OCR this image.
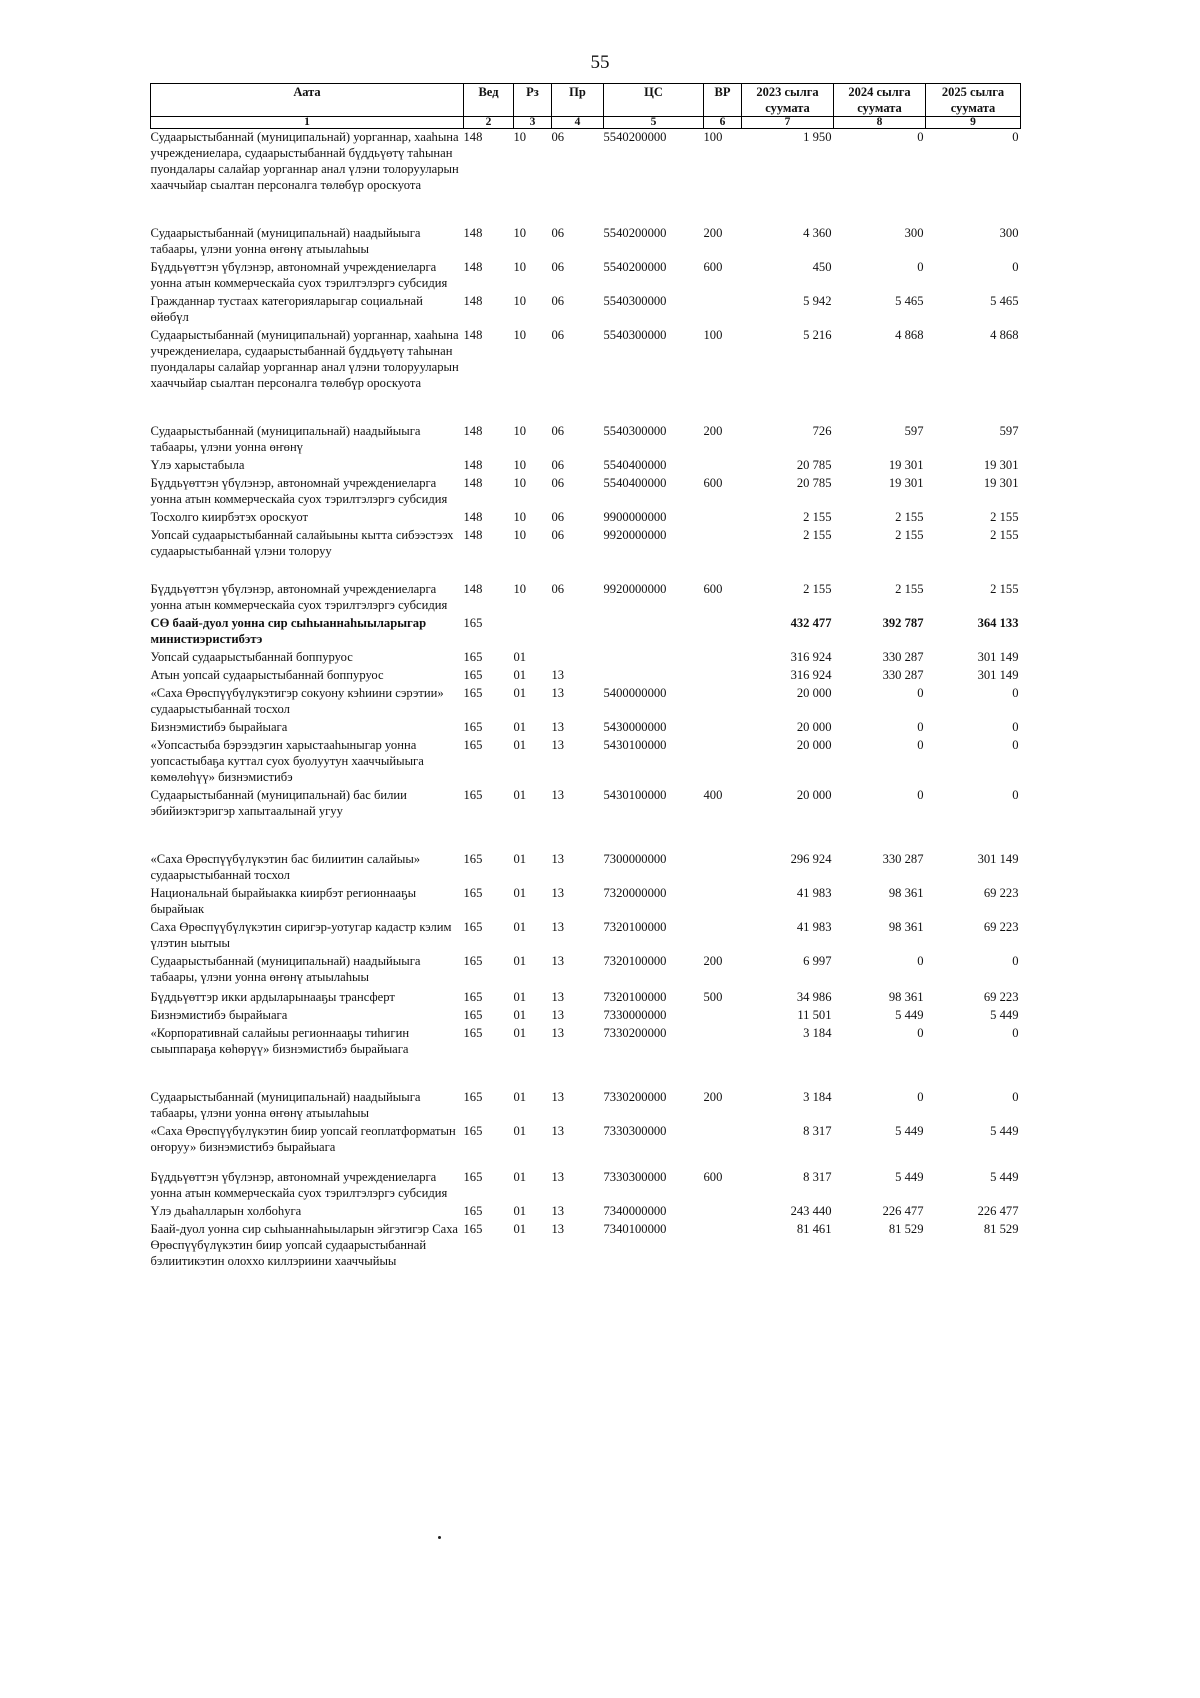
55
Аата	Вед	Рз	Пр	ЦС	ВР	2023 сылга суумата	2024 сылга суумата	2025 сылга суумата
1	2	3	4	5	6	7	8	9
Судаарыстыбаннай (муниципальнай) уорганнар, хааһына учреждениелара, судаарыстыбаннай бүддьүөтү таһынан пуондалары салайар уорганнар анал үлэни толорууларын хааччыйар сыалтан персоналга төлөбүр ороскуота	148	10	06	5540200000	100	1 950	0	0
Судаарыстыбаннай (муниципальнай) наадыйыыга табаары, үлэни уонна өҥөнү атыылаһыы	148	10	06	5540200000	200	4 360	300	300
Бүддьүөттэн үбүлэнэр, автономнай учреждениеларга уонна атын коммерческайа суох тэрилтэлэргэ субсидия	148	10	06	5540200000	600	450	0	0
Гражданнар тустаах категорияларыгар социальнай өйөбүл	148	10	06	5540300000		5 942	5 465	5 465
Судаарыстыбаннай (муниципальнай) уорганнар, хааһына учреждениелара, судаарыстыбаннай бүддьүөтү таһынан пуондалары салайар уорганнар анал үлэни толорууларын хааччыйар сыалтан персоналга төлөбүр ороскуота	148	10	06	5540300000	100	5 216	4 868	4 868
Судаарыстыбаннай (муниципальнай) наадыйыыга табаары, үлэни уонна өҥөнү	148	10	06	5540300000	200	726	597	597
Үлэ харыстабыла	148	10	06	5540400000		20 785	19 301	19 301
Бүддьүөттэн үбүлэнэр, автономнай учреждениеларга уонна атын коммерческайа суох тэрилтэлэргэ субсидия	148	10	06	5540400000	600	20 785	19 301	19 301
Тосхолго киирбэтэх ороскуот	148	10	06	9900000000		2 155	2 155	2 155
Уопсай судаарыстыбаннай салайыыны кытта сибээстээх судаарыстыбаннай үлэни толоруу	148	10	06	9920000000		2 155	2 155	2 155
Бүддьүөттэн үбүлэнэр, автономнай учреждениеларга уонна атын коммерческайа суох тэрилтэлэргэ субсидия	148	10	06	9920000000	600	2 155	2 155	2 155
СӨ баай-дуол уонна сир сыһыаннаһыыларыгар министиэристибэтэ	165					432 477	392 787	364 133
Уопсай судаарыстыбаннай боппуруос	165	01				316 924	330 287	301 149
Атын уопсай судаарыстыбаннай боппуруос	165	01	13			316 924	330 287	301 149
«Саха Өрөспүүбүлүкэтигэр сокуону кэһиини сэрэтии» судаарыстыбаннай тосхол	165	01	13	5400000000		20 000	0	0
Бизнэмистибэ бырайыага	165	01	13	5430000000		20 000	0	0
«Уопсастыба бэрээдэгин харыстааһыныгар уонна уопсастыбаҕа куттал суох буолуутун хааччыйыыга көмөлөһүү» бизнэмистибэ	165	01	13	5430100000		20 000	0	0
Судаарыстыбаннай (муниципальнай) бас билии эбийиэктэригэр хапытаалынай угуу	165	01	13	5430100000	400	20 000	0	0
«Саха Өрөспүүбүлүкэтин бас билиитин салайыы» судаарыстыбаннай тосхол	165	01	13	7300000000		296 924	330 287	301 149
Национальнай бырайыакка киирбэт регионнааҕы бырайыак	165	01	13	7320000000		41 983	98 361	69 223
Саха Өрөспүүбүлүкэтин сиригэр-уотугар кадастр кэлим үлэтин ыытыы	165	01	13	7320100000		41 983	98 361	69 223
Судаарыстыбаннай (муниципальнай) наадыйыыга табаары, үлэни уонна өҥөнү атыылаһыы	165	01	13	7320100000	200	6 997	0	0
Бүддьүөттэр икки ардыларынааҕы трансферт	165	01	13	7320100000	500	34 986	98 361	69 223
Бизнэмистибэ бырайыага	165	01	13	7330000000		11 501	5 449	5 449
«Корпоративнай салайыы регионнааҕы тиһигин сыыппараҕа көһөрүү» бизнэмистибэ бырайыага	165	01	13	7330200000		3 184	0	0
Судаарыстыбаннай (муниципальнай) наадыйыыга табаары, үлэни уонна өҥөнү атыылаһыы	165	01	13	7330200000	200	3 184	0	0
«Саха Өрөспүүбүлүкэтин биир уопсай геоплатформатын оҥоруу» бизнэмистибэ бырайыага	165	01	13	7330300000		8 317	5 449	5 449
Бүддьүөттэн үбүлэнэр, автономнай учреждениеларга уонна атын коммерческайа суох тэрилтэлэргэ субсидия	165	01	13	7330300000	600	8 317	5 449	5 449
Үлэ дьаһалларын холбоһуга	165	01	13	7340000000		243 440	226 477	226 477
Баай-дуол уонна сир сыһыаннаһыыларын эйгэтигэр Саха Өрөспүүбүлүкэтин биир уопсай судаарыстыбаннай бэлиитикэтин олоххо киллэриини хааччыйыы	165	01	13	7340100000		81 461	81 529	81 529
